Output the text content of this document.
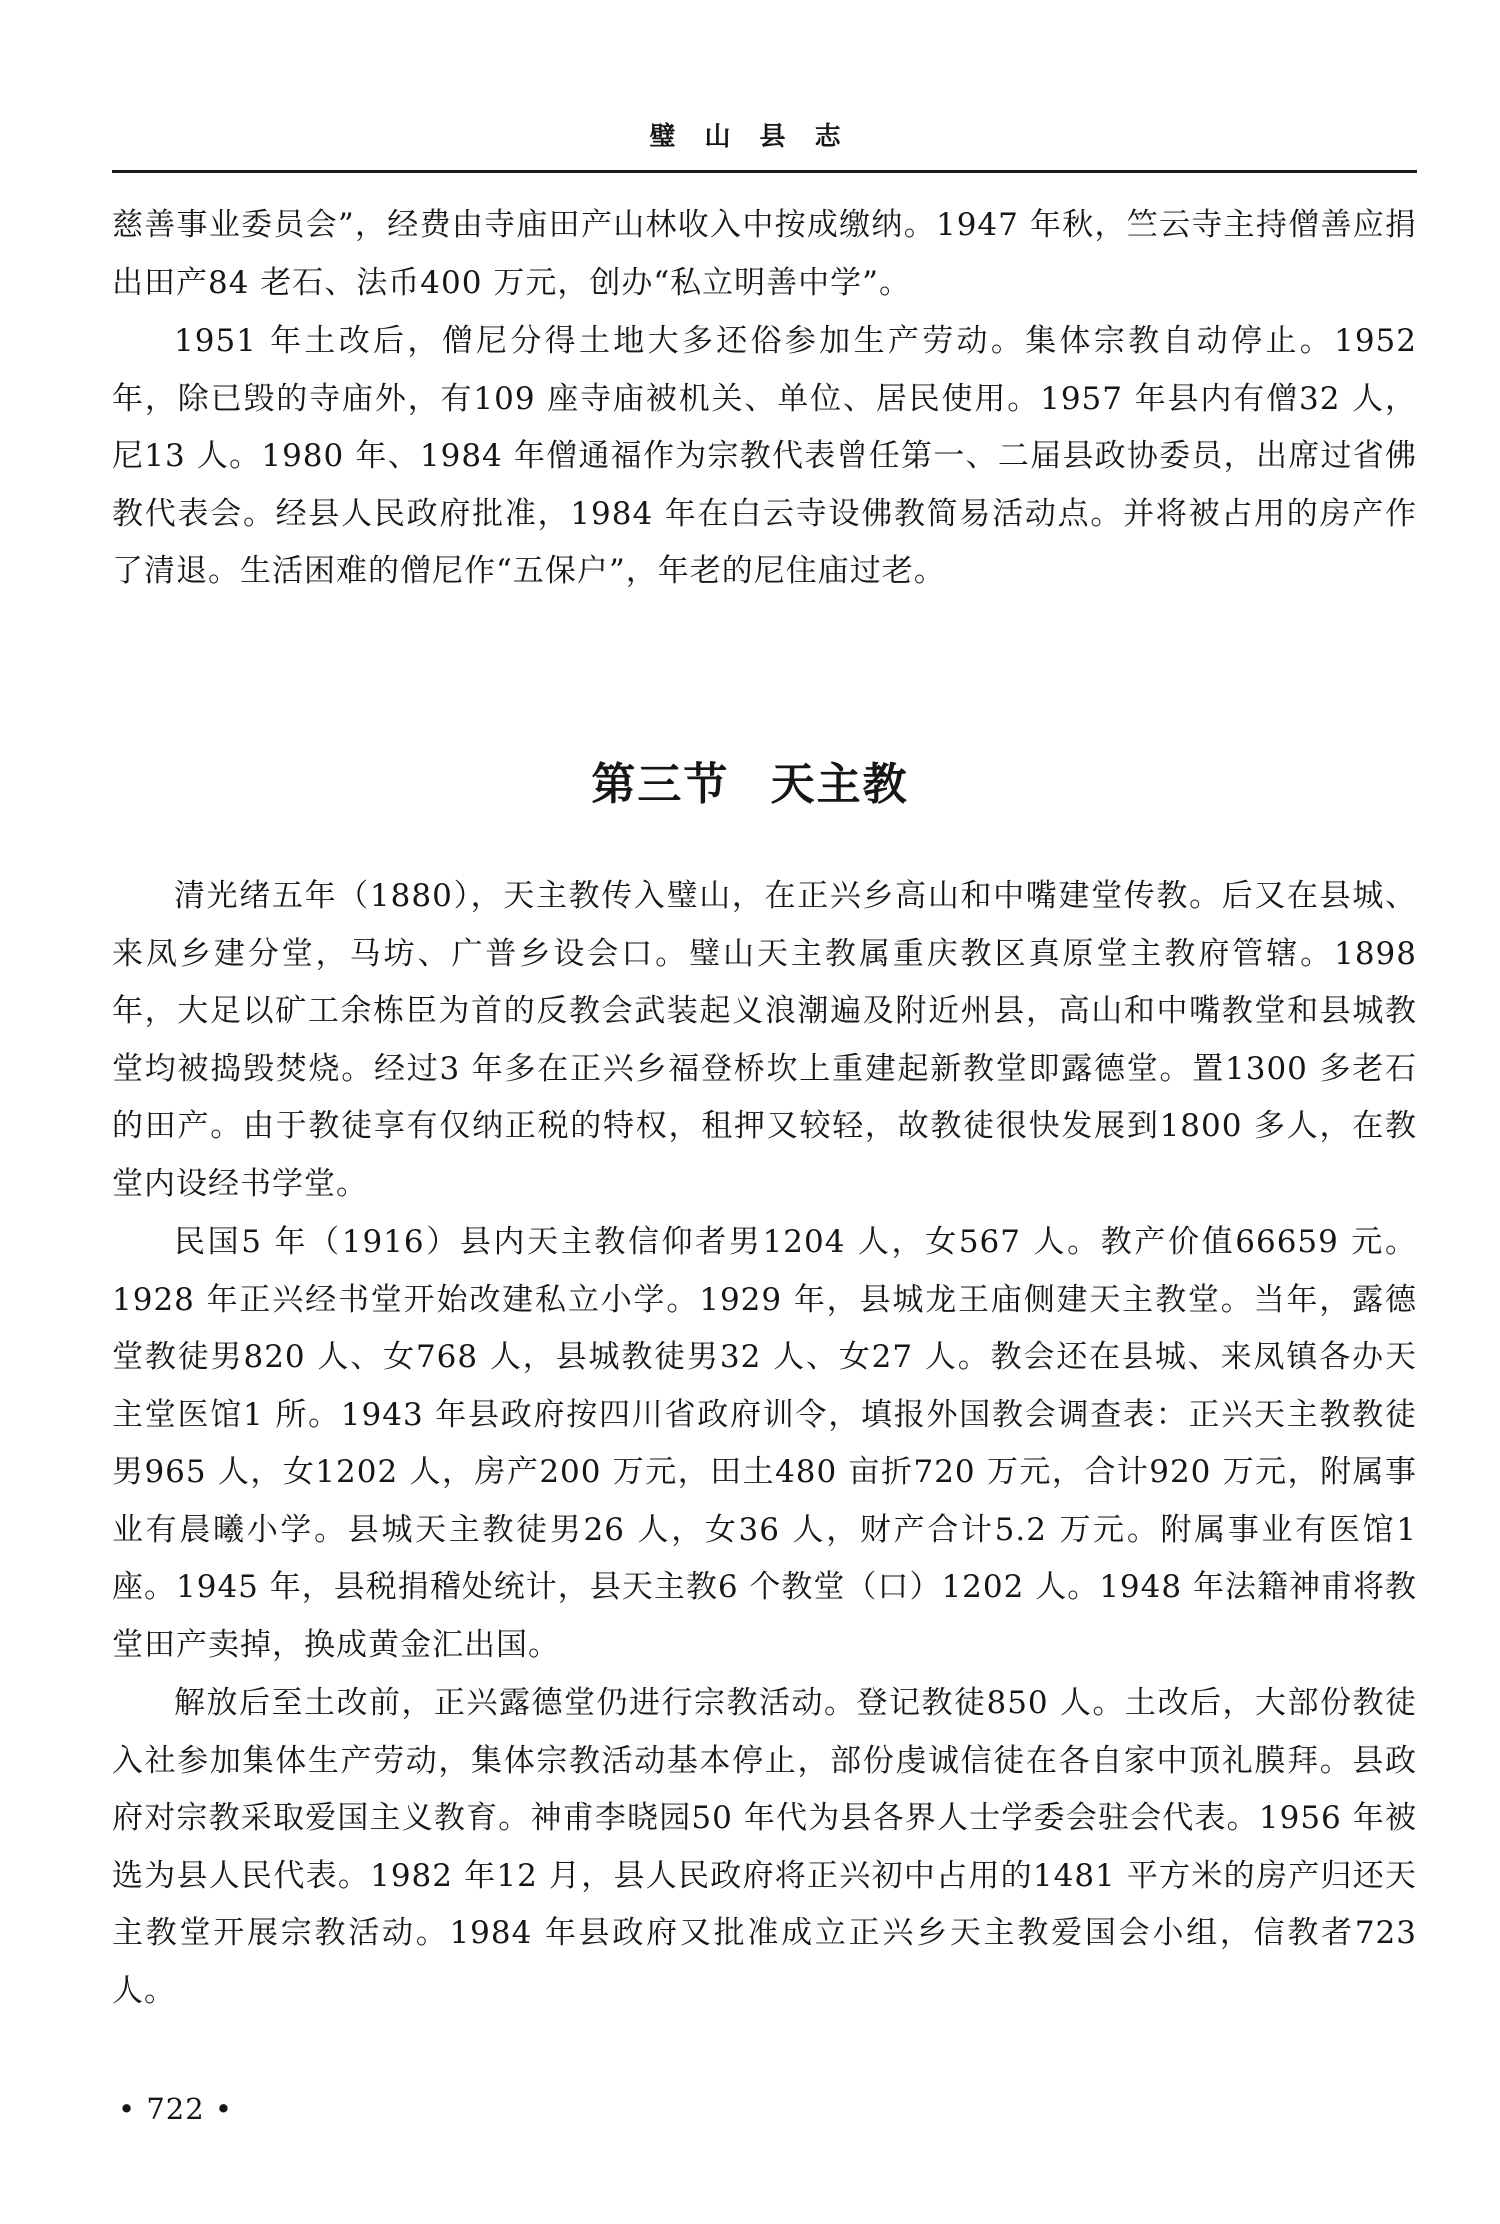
璧 山 县 志

慈善事业委员会”，经费由寺庙田产山林收入中按成缴纳。1947 年秋，竺云寺主持僧善应捐出田产84 老石、法币400 万元，创办“私立明善中学”。

1951 年土改后，僧尼分得土地大多还俗参加生产劳动。集体宗教自动停止。1952 年，除已毁的寺庙外，有109 座寺庙被机关、单位、居民使用。1957 年县内有僧32 人，尼13 人。1980 年、1984 年僧通福作为宗教代表曾任第一、二届县政协委员，出席过省佛教代表会。经县人民政府批准，1984 年在白云寺设佛教简易活动点。并将被占用的房产作了清退。生活困难的僧尼作“五保户”，年老的尼住庙过老。

第三节 天主教

清光绪五年（1880），天主教传入璧山，在正兴乡高山和中嘴建堂传教。后又在县城、来凤乡建分堂，马坊、广普乡设会口。璧山天主教属重庆教区真原堂主教府管辖。1898 年，大足以矿工余栋臣为首的反教会武装起义浪潮遍及附近州县，高山和中嘴教堂和县城教堂均被捣毁焚烧。经过3 年多在正兴乡福登桥坎上重建起新教堂即露德堂。置1300 多老石的田产。由于教徒享有仅纳正税的特权，租押又较轻，故教徒很快发展到1800 多人，在教堂内设经书学堂。

民国5 年（1916）县内天主教信仰者男1204 人，女567 人。教产价值66659 元。1928 年正兴经书堂开始改建私立小学。1929 年，县城龙王庙侧建天主教堂。当年，露德堂教徒男820 人、女768 人，县城教徒男32 人、女27 人。教会还在县城、来凤镇各办天主堂医馆1 所。1943 年县政府按四川省政府训令，填报外国教会调查表：正兴天主教教徒男965 人，女1202 人，房产200 万元，田土480 亩折720 万元，合计920 万元，附属事业有晨曦小学。县城天主教徒男26 人，女36 人，财产合计5.2 万元。附属事业有医馆1 座。1945 年，县税捐稽处统计，县天主教6 个教堂（口）1202 人。1948 年法籍神甫将教堂田产卖掉，换成黄金汇出国。

解放后至土改前，正兴露德堂仍进行宗教活动。登记教徒850 人。土改后，大部份教徒入社参加集体生产劳动，集体宗教活动基本停止，部份虔诚信徒在各自家中顶礼膜拜。县政府对宗教采取爱国主义教育。神甫李晓园50 年代为县各界人士学委会驻会代表。1956 年被选为县人民代表。1982 年12 月，县人民政府将正兴初中占用的1481 平方米的房产归还天主教堂开展宗教活动。1984 年县政府又批准成立正兴乡天主教爱国会小组，信教者723 人。

• 722 •
